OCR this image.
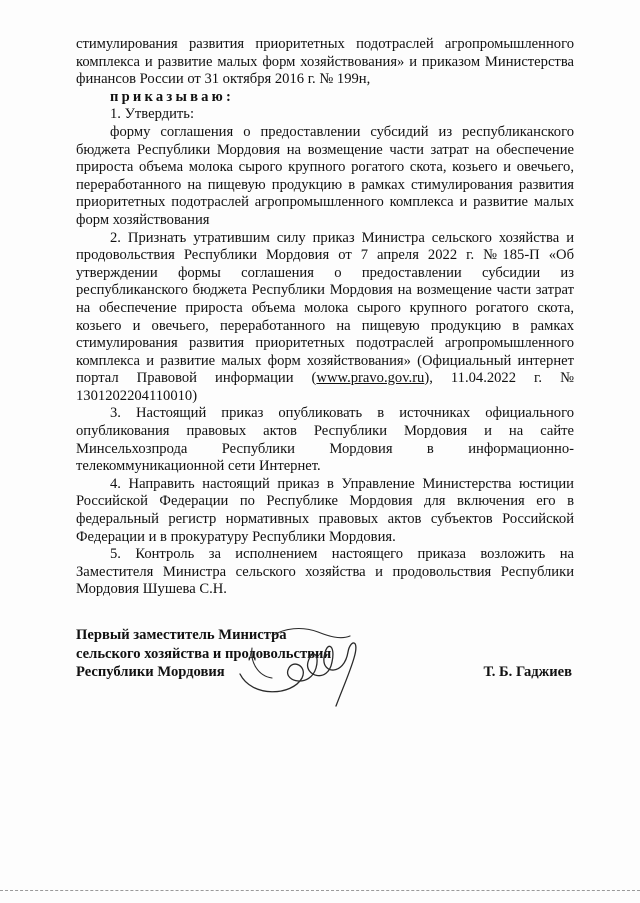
стимулирования развития приоритетных подотраслей агропромышленного комплекса и развитие малых форм хозяйствования» и приказом Министерства финансов России от 31 октября 2016 г. № 199н,

приказываю:

1. Утвердить:

форму соглашения о предоставлении субсидий из республиканского бюджета Республики Мордовия на возмещение части затрат на обеспечение прироста объема молока сырого крупного рогатого скота, козьего и овечьего, переработанного на пищевую продукцию в рамках стимулирования развития приоритетных подотраслей агропромышленного комплекса и развитие малых форм хозяйствования

2. Признать утратившим силу приказ Министра сельского хозяйства и продовольствия Республики Мордовия от 7 апреля 2022 г. №185-П «Об утверждении формы соглашения о предоставлении субсидии из республиканского бюджета Республики Мордовия на возмещение части затрат на обеспечение прироста объема молока сырого крупного рогатого скота, козьего и овечьего, переработанного на пищевую продукцию в рамках стимулирования развития приоритетных подотраслей агропромышленного комплекса и развитие малых форм хозяйствования» (Официальный интернет портал Правовой информации (www.pravo.gov.ru), 11.04.2022 г. № 1301202204110010)

3. Настоящий приказ опубликовать в источниках официального опубликования правовых актов Республики Мордовия и на сайте Минсельхозпрода Республики Мордовия в информационно-телекоммуникационной сети Интернет.

4. Направить настоящий приказ в Управление Министерства юстиции Российской Федерации по Республике Мордовия для включения его в федеральный регистр нормативных правовых актов субъектов Российской Федерации и в прокуратуру Республики Мордовия.

5. Контроль за исполнением настоящего приказа возложить на Заместителя Министра сельского хозяйства и продовольствия Республики Мордовия Шушева С.Н.

Первый заместитель Министра
сельского хозяйства и продовольствия
Республики Мордовия	Т. Б. Гаджиев
